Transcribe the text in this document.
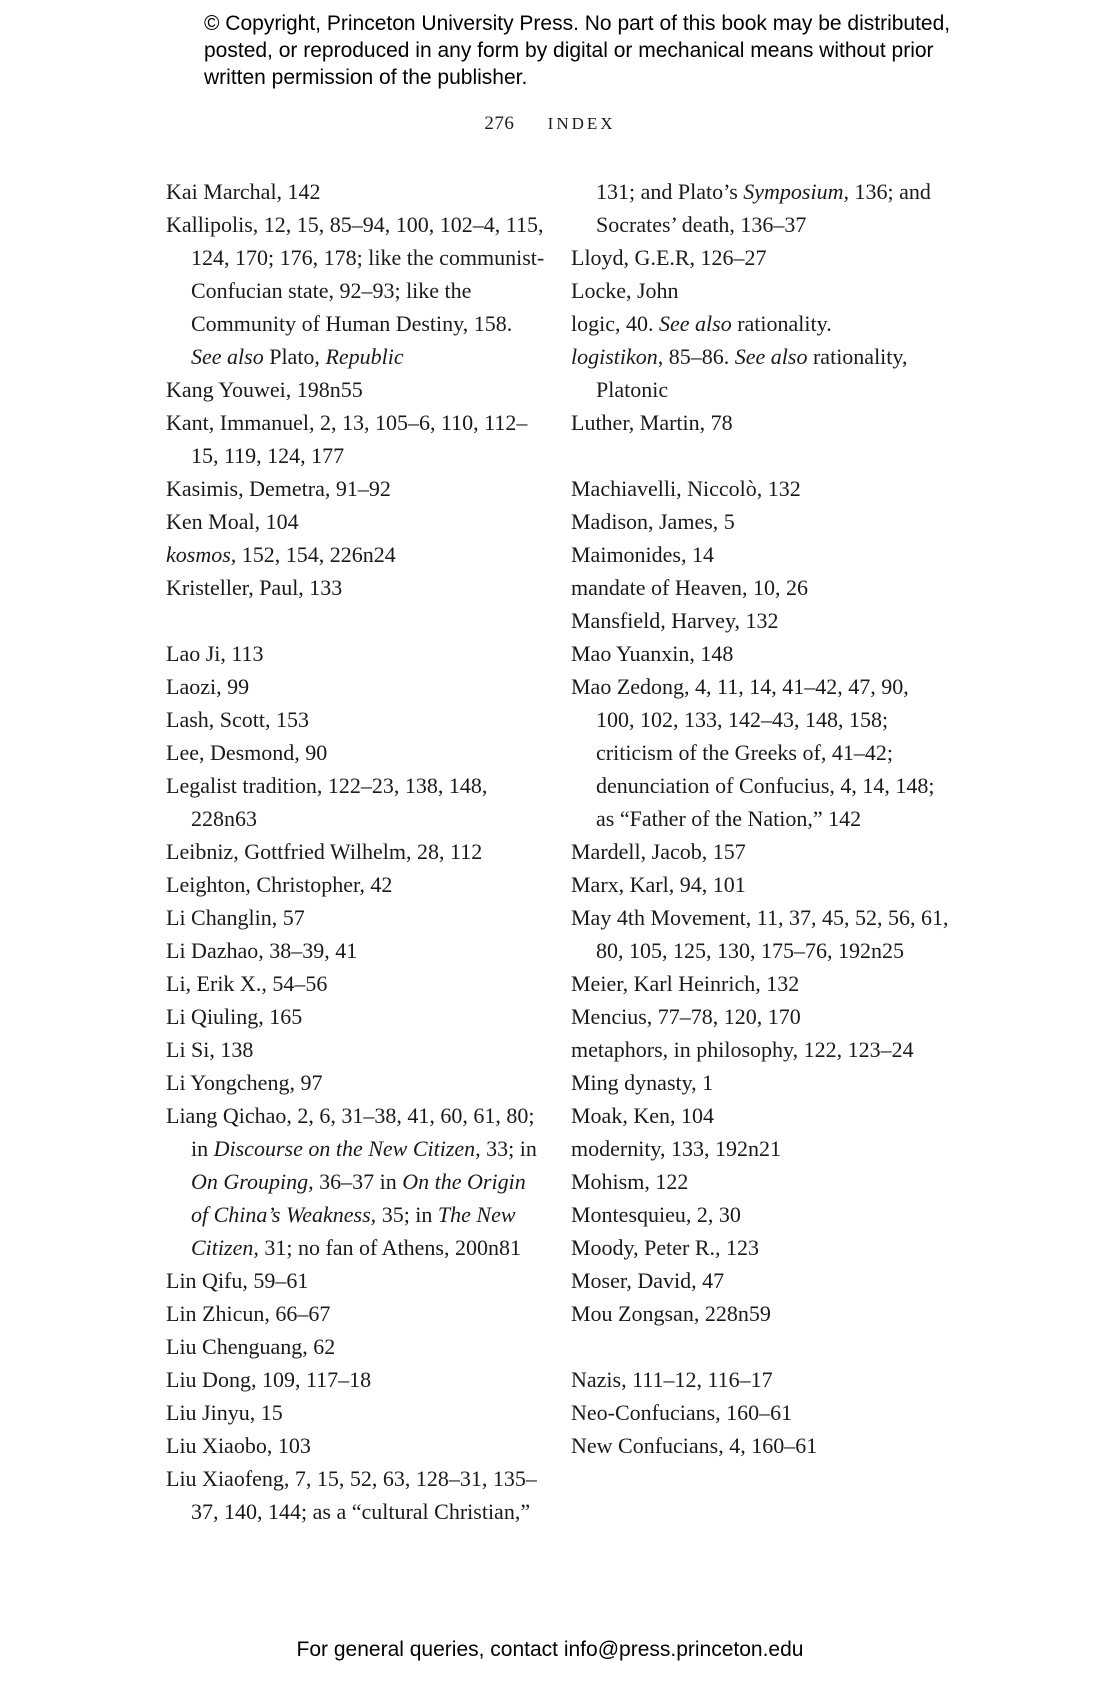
© Copyright, Princeton University Press. No part of this book may be distributed, posted, or reproduced in any form by digital or mechanical means without prior written permission of the publisher.
276 INDEX
Kai Marchal, 142
Kallipolis, 12, 15, 85–94, 100, 102–4, 115, 124, 170; 176, 178; like the communist-Confucian state, 92–93; like the Community of Human Destiny, 158. See also Plato, Republic
Kang Youwei, 198n55
Kant, Immanuel, 2, 13, 105–6, 110, 112–15, 119, 124, 177
Kasimis, Demetra, 91–92
Ken Moal, 104
kosmos, 152, 154, 226n24
Kristeller, Paul, 133
Lao Ji, 113
Laozi, 99
Lash, Scott, 153
Lee, Desmond, 90
Legalist tradition, 122–23, 138, 148, 228n63
Leibniz, Gottfried Wilhelm, 28, 112
Leighton, Christopher, 42
Li Changlin, 57
Li Dazhao, 38–39, 41
Li, Erik X., 54–56
Li Qiuling, 165
Li Si, 138
Li Yongcheng, 97
Liang Qichao, 2, 6, 31–38, 41, 60, 61, 80; in Discourse on the New Citizen, 33; in On Grouping, 36–37 in On the Origin of China’s Weakness, 35; in The New Citizen, 31; no fan of Athens, 200n81
Lin Qifu, 59–61
Lin Zhicun, 66–67
Liu Chenguang, 62
Liu Dong, 109, 117–18
Liu Jinyu, 15
Liu Xiaobo, 103
Liu Xiaofeng, 7, 15, 52, 63, 128–31, 135–37, 140, 144; as a “cultural Christian,”
131; and Plato’s Symposium, 136; and Socrates’ death, 136–37
Lloyd, G.E.R, 126–27
Locke, John
logic, 40. See also rationality.
logistikon, 85–86. See also rationality, Platonic
Luther, Martin, 78
Machiavelli, Niccolò, 132
Madison, James, 5
Maimonides, 14
mandate of Heaven, 10, 26
Mansfield, Harvey, 132
Mao Yuanxin, 148
Mao Zedong, 4, 11, 14, 41–42, 47, 90, 100, 102, 133, 142–43, 148, 158; criticism of the Greeks of, 41–42; denunciation of Confucius, 4, 14, 148; as “Father of the Nation,” 142
Mardell, Jacob, 157
Marx, Karl, 94, 101
May 4th Movement, 11, 37, 45, 52, 56, 61, 80, 105, 125, 130, 175–76, 192n25
Meier, Karl Heinrich, 132
Mencius, 77–78, 120, 170
metaphors, in philosophy, 122, 123–24
Ming dynasty, 1
Moak, Ken, 104
modernity, 133, 192n21
Mohism, 122
Montesquieu, 2, 30
Moody, Peter R., 123
Moser, David, 47
Mou Zongsan, 228n59
Nazis, 111–12, 116–17
Neo-Confucians, 160–61
New Confucians, 4, 160–61
For general queries, contact info@press.princeton.edu
